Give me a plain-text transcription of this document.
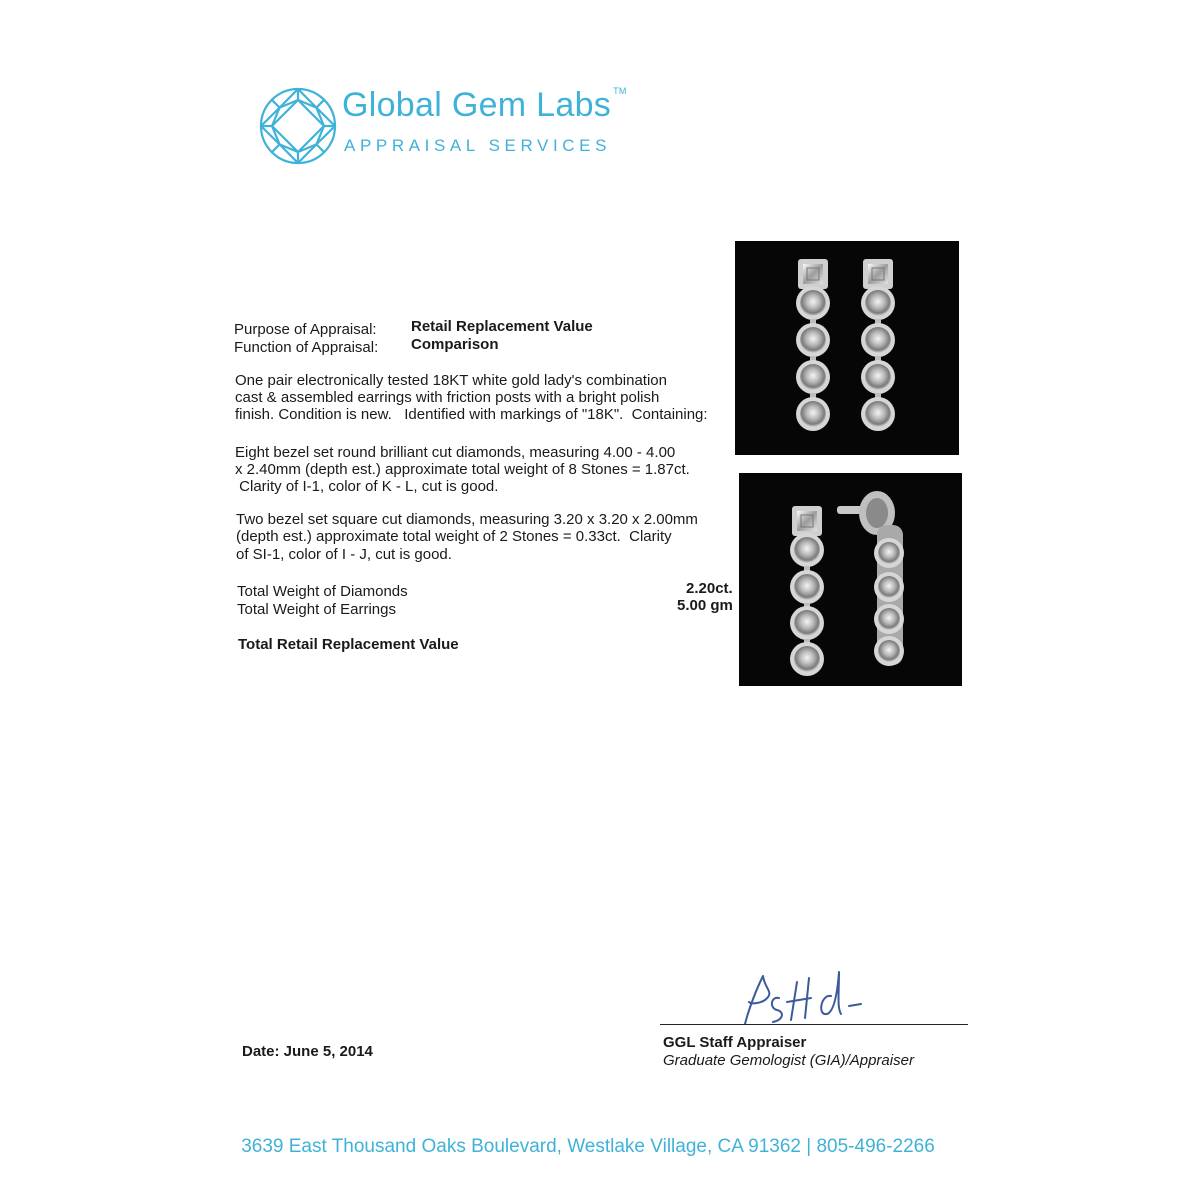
Global Gem Labs ™
APPRAISAL SERVICES
Purpose of Appraisal: Retail Replacement Value
Function of Appraisal: Comparison
One pair electronically tested 18KT white gold lady's combination
cast & assembled earrings with friction posts with a bright polish
finish. Condition is new.   Identified with markings of "18K".  Containing:
Eight bezel set round brilliant cut diamonds, measuring 4.00 - 4.00
x 2.40mm (depth est.) approximate total weight of 8 Stones = 1.87ct.
Clarity of I-1, color of K - L, cut is good.
Two bezel set square cut diamonds, measuring 3.20 x 3.20 x 2.00mm
(depth est.) approximate total weight of 2 Stones = 0.33ct.  Clarity
of SI-1, color of I - J, cut is good.
Total Weight of Diamonds	2.20ct.
Total Weight of Earrings	5.00 gm
Total Retail Replacement Value
Date: June 5, 2014
GGL Staff Appraiser
Graduate Gemologist (GIA)/Appraiser
3639 East Thousand Oaks Boulevard, Westlake Village, CA 91362 | 805-496-2266
